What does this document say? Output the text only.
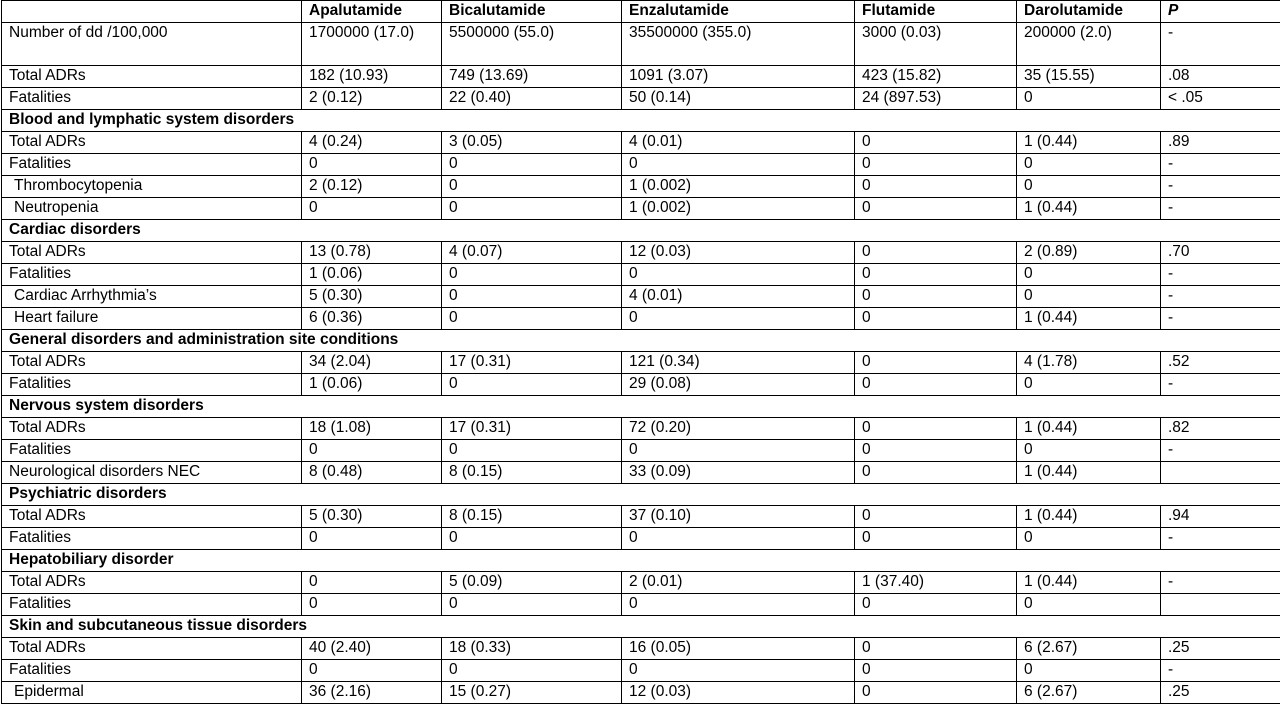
	Apalutamide	Bicalutamide	Enzalutamide	Flutamide	Darolutamide	P
Number of dd /100,000	1700000 (17.0)	5500000 (55.0)	35500000 (355.0)	3000 (0.03)	200000 (2.0)	-
Total ADRs	182 (10.93)	749 (13.69)	1091 (3.07)	423 (15.82)	35 (15.55)	.08
Fatalities	2 (0.12)	22 (0.40)	50 (0.14)	24 (897.53)	0	< .05
Blood and lymphatic system disorders						
Total ADRs	4 (0.24)	3 (0.05)	4 (0.01)	0	1 (0.44)	.89
Fatalities	0	0	0	0	0	-
Thrombocytopenia	2 (0.12)	0	1 (0.002)	0	0	-
Neutropenia	0	0	1 (0.002)	0	1 (0.44)	-
Cardiac disorders						
Total ADRs	13 (0.78)	4 (0.07)	12 (0.03)	0	2 (0.89)	.70
Fatalities	1 (0.06)	0	0	0	0	-
Cardiac Arrhythmia’s	5 (0.30)	0	4 (0.01)	0	0	-
Heart failure	6 (0.36)	0	0	0	1 (0.44)	-
General disorders and administration site conditions						
Total ADRs	34 (2.04)	17 (0.31)	121 (0.34)	0	4 (1.78)	.52
Fatalities	1 (0.06)	0	29 (0.08)	0	0	-
Nervous system disorders						
Total ADRs	18 (1.08)	17 (0.31)	72 (0.20)	0	1 (0.44)	.82
Fatalities	0	0	0	0	0	-
Neurological disorders NEC	8 (0.48)	8 (0.15)	33 (0.09)	0	1 (0.44)	
Psychiatric disorders						
Total ADRs	5 (0.30)	8 (0.15)	37 (0.10)	0	1 (0.44)	.94
Fatalities	0	0	0	0	0	-
Hepatobiliary disorder						
Total ADRs	0	5 (0.09)	2 (0.01)	1 (37.40)	1 (0.44)	-
Fatalities	0	0	0	0	0	
Skin and subcutaneous tissue disorders						
Total ADRs	40 (2.40)	18 (0.33)	16 (0.05)	0	6 (2.67)	.25
Fatalities	0	0	0	0	0	-
Epidermal	36 (2.16)	15 (0.27)	12 (0.03)	0	6 (2.67)	.25
